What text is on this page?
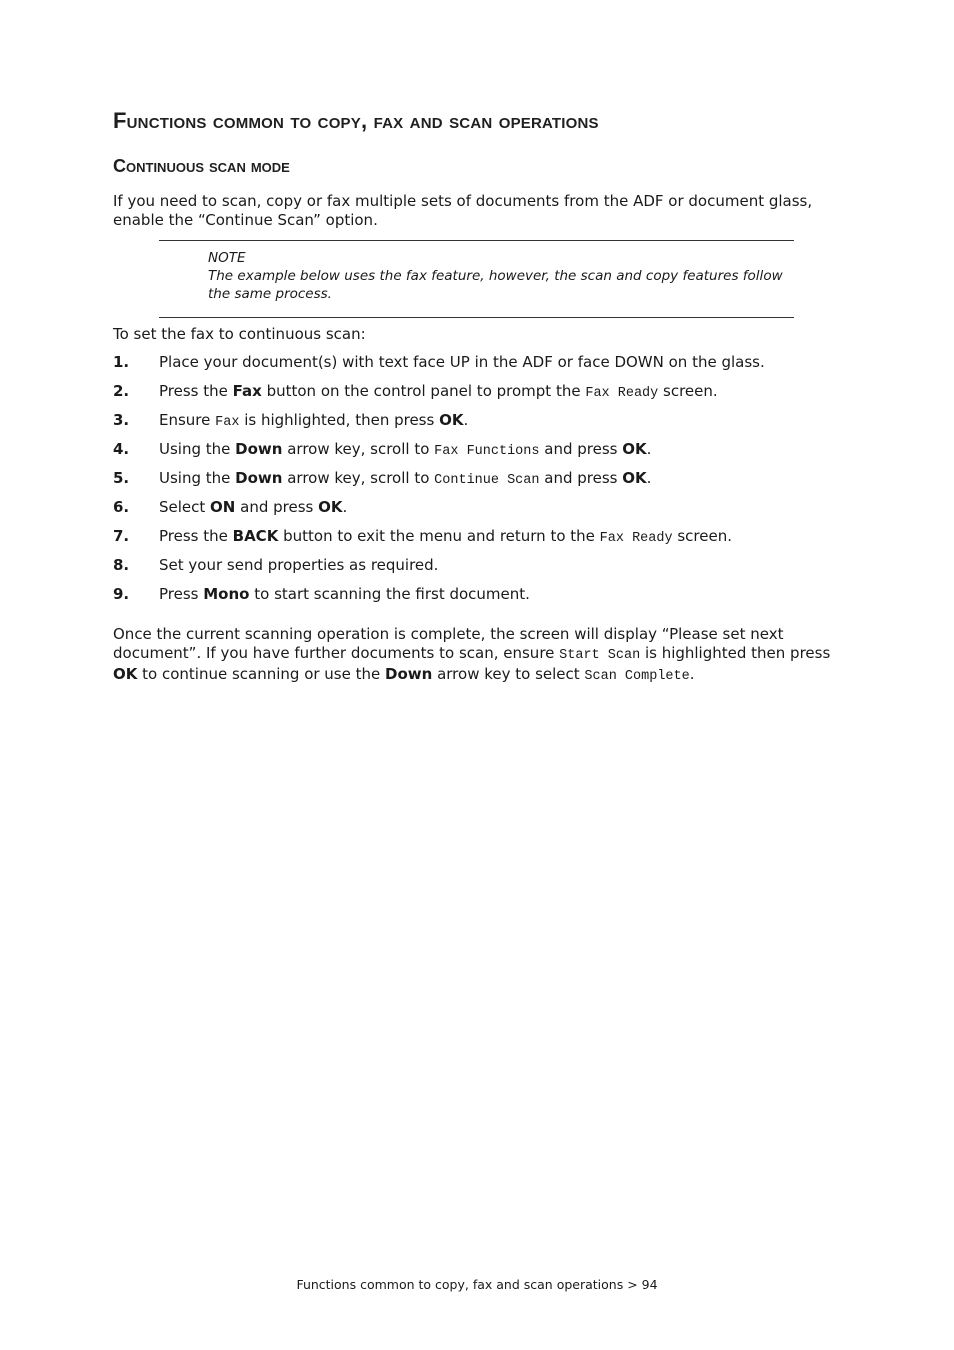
Functions common to copy, fax and scan operations
Continuous scan mode

If you need to scan, copy or fax multiple sets of documents from the ADF or document glass, enable the “Continue Scan” option.

NOTE
The example below uses the fax feature, however, the scan and copy features follow the same process.

To set the fax to continuous scan:

1. Place your document(s) with text face UP in the ADF or face DOWN on the glass.
2. Press the Fax button on the control panel to prompt the Fax Ready screen.
3. Ensure Fax is highlighted, then press OK.
4. Using the Down arrow key, scroll to Fax Functions and press OK.
5. Using the Down arrow key, scroll to Continue Scan and press OK.
6. Select ON and press OK.
7. Press the BACK button to exit the menu and return to the Fax Ready screen.
8. Set your send properties as required.
9. Press Mono to start scanning the first document.

Once the current scanning operation is complete, the screen will display “Please set next document”. If you have further documents to scan, ensure Start Scan is highlighted then press OK to continue scanning or use the Down arrow key to select Scan Complete.

Functions common to copy, fax and scan operations > 94
